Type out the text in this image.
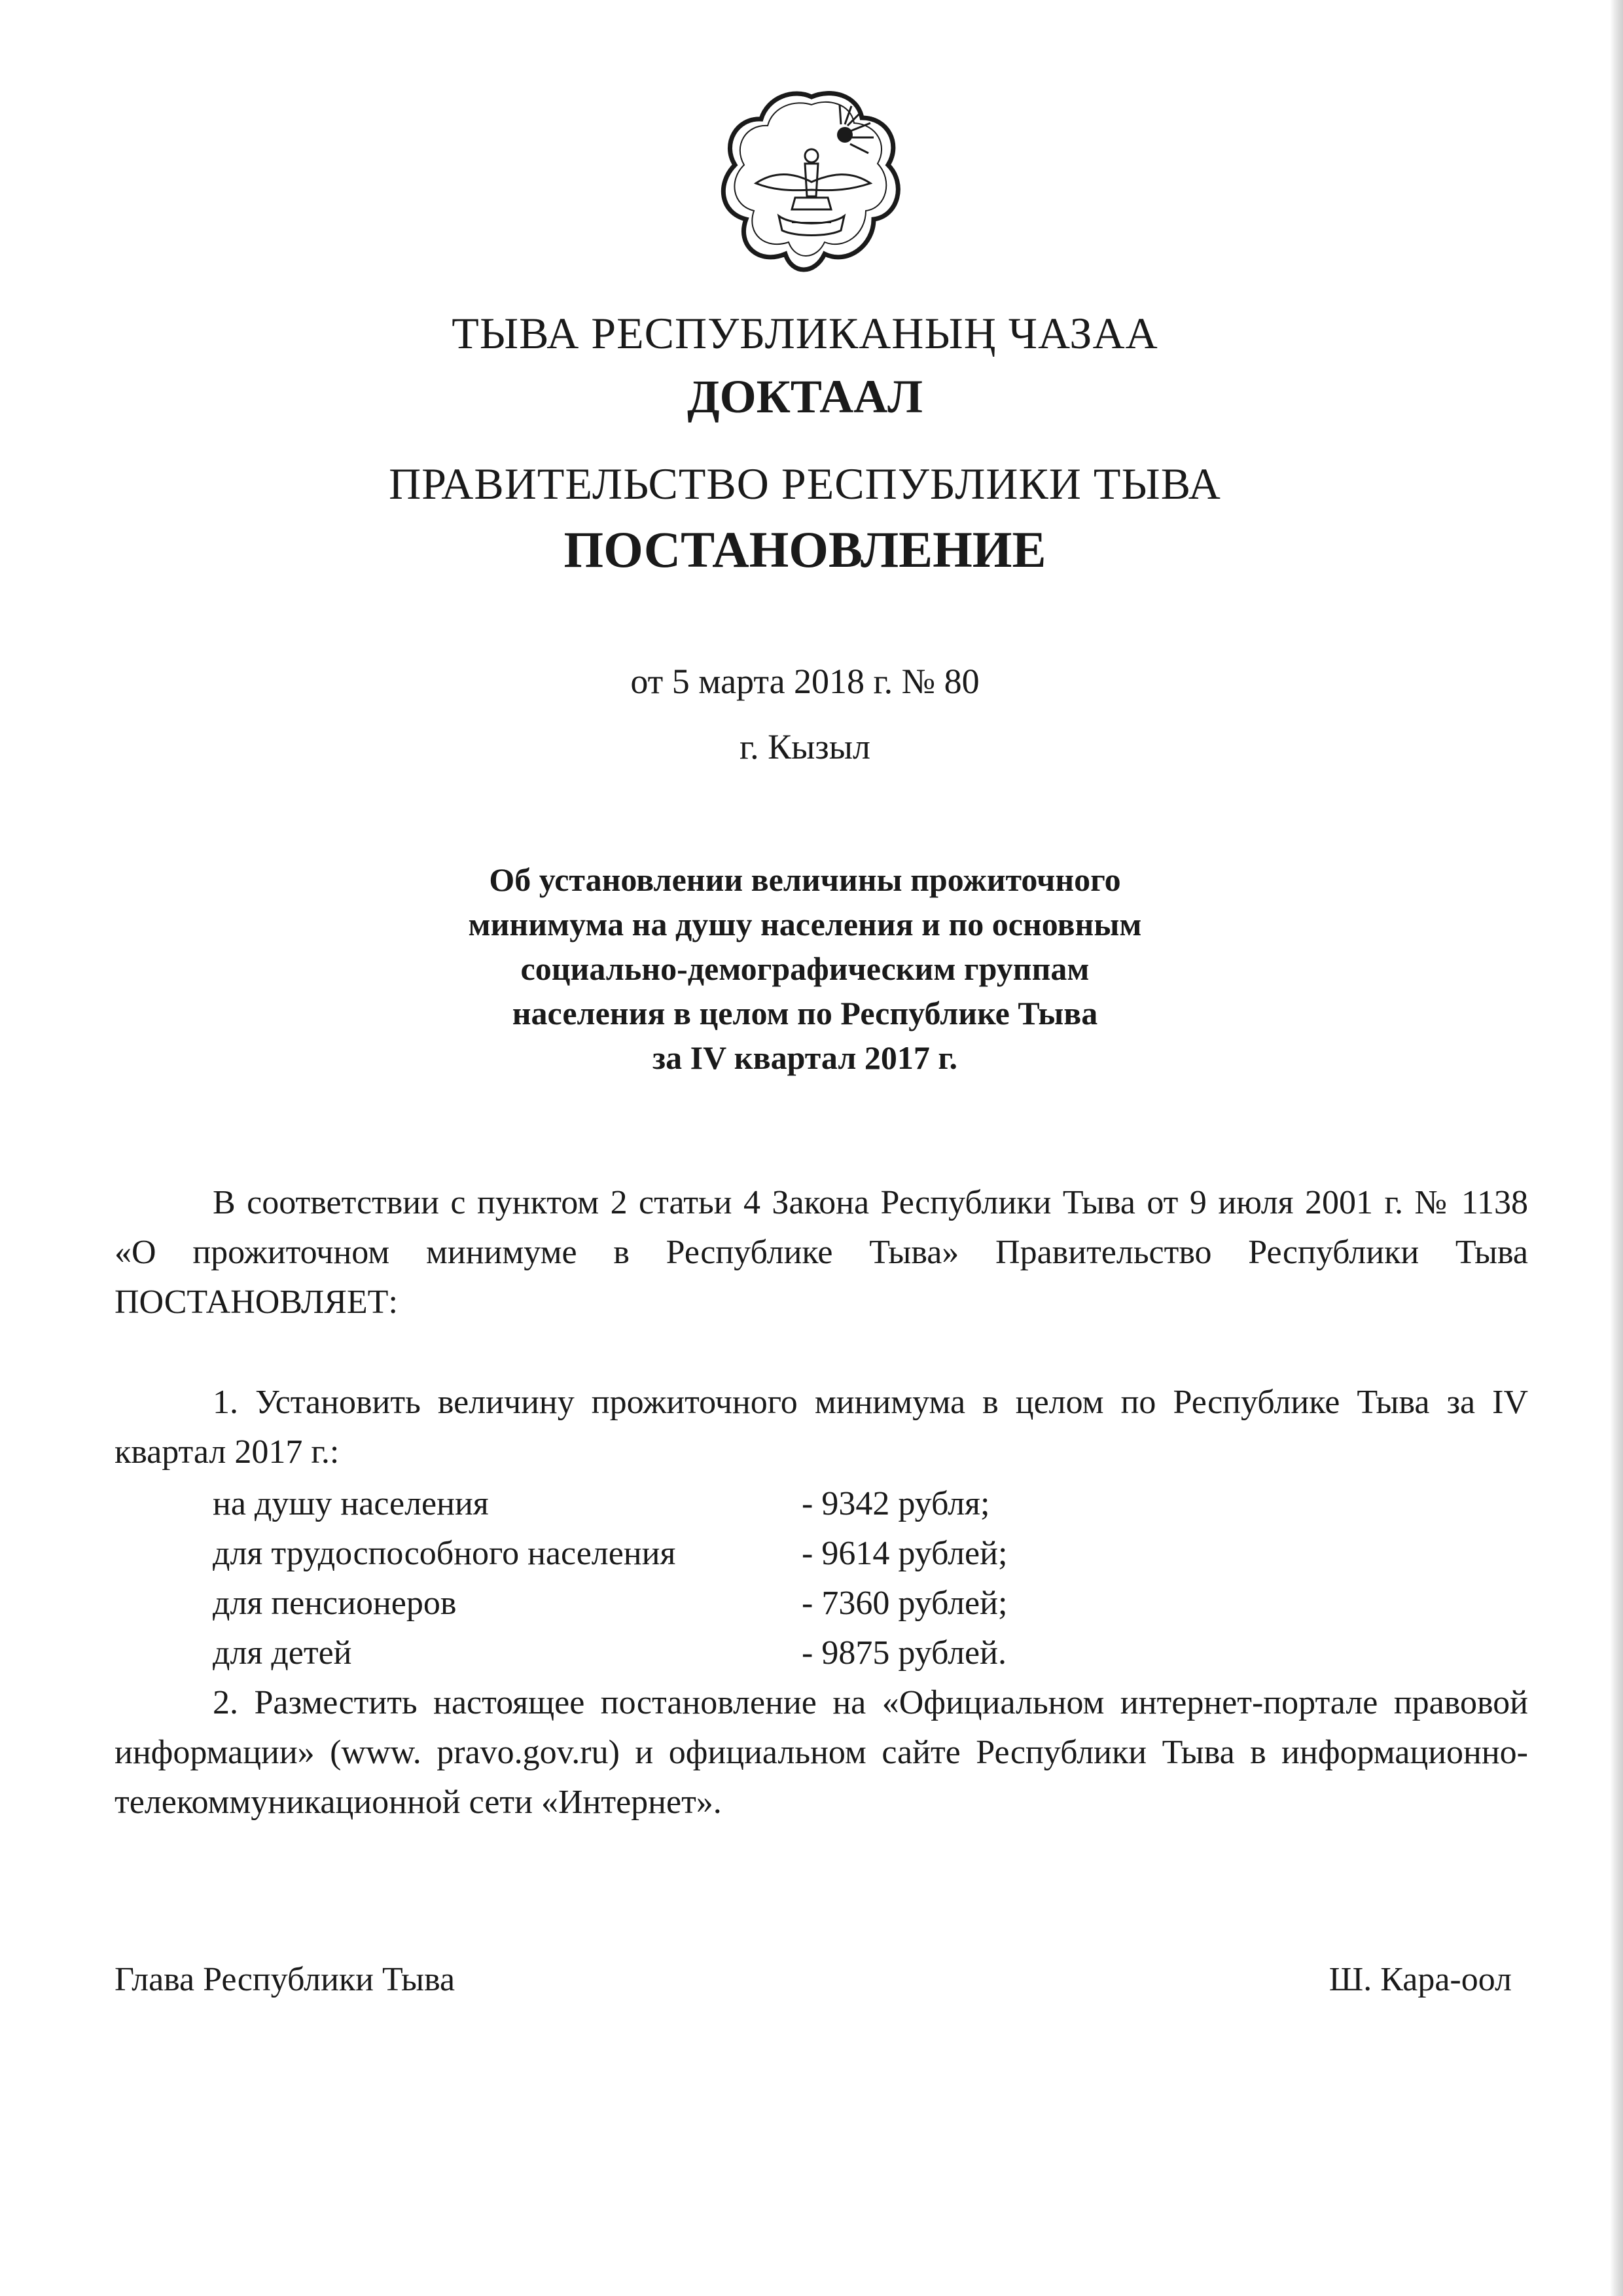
ТЫВА РЕСПУБЛИКАНЫҢ ЧАЗАА

ДОКТААЛ

ПРАВИТЕЛЬСТВО РЕСПУБЛИКИ ТЫВА

ПОСТАНОВЛЕНИЕ

от 5 марта 2018 г. № 80

г. Кызыл

Об установлении величины прожиточного
минимума на душу населения и по основным
социально-демографическим группам
населения в целом по Республике Тыва
за IV квартал 2017 г.

В соответствии с пунктом 2 статьи 4 Закона Республики Тыва от 9 июля 2001 г. № 1138 «О прожиточном минимуме в Республике Тыва» Правительство Республики Тыва ПОСТАНОВЛЯЕТ:

1. Установить величину прожиточного минимума в целом по Республике Тыва за IV квартал 2017 г.:

на душу населения	- 9342 рубля;
для трудоспособного населения	- 9614 рублей;
для пенсионеров	- 7360 рублей;
для детей	- 9875 рублей.

2. Разместить настоящее постановление на «Официальном интернет-портале правовой информации» (www. pravo.gov.ru) и официальном сайте Республики Тыва в информационно-телекоммуникационной сети «Интернет».

Глава Республики Тыва	Ш. Кара-оол
